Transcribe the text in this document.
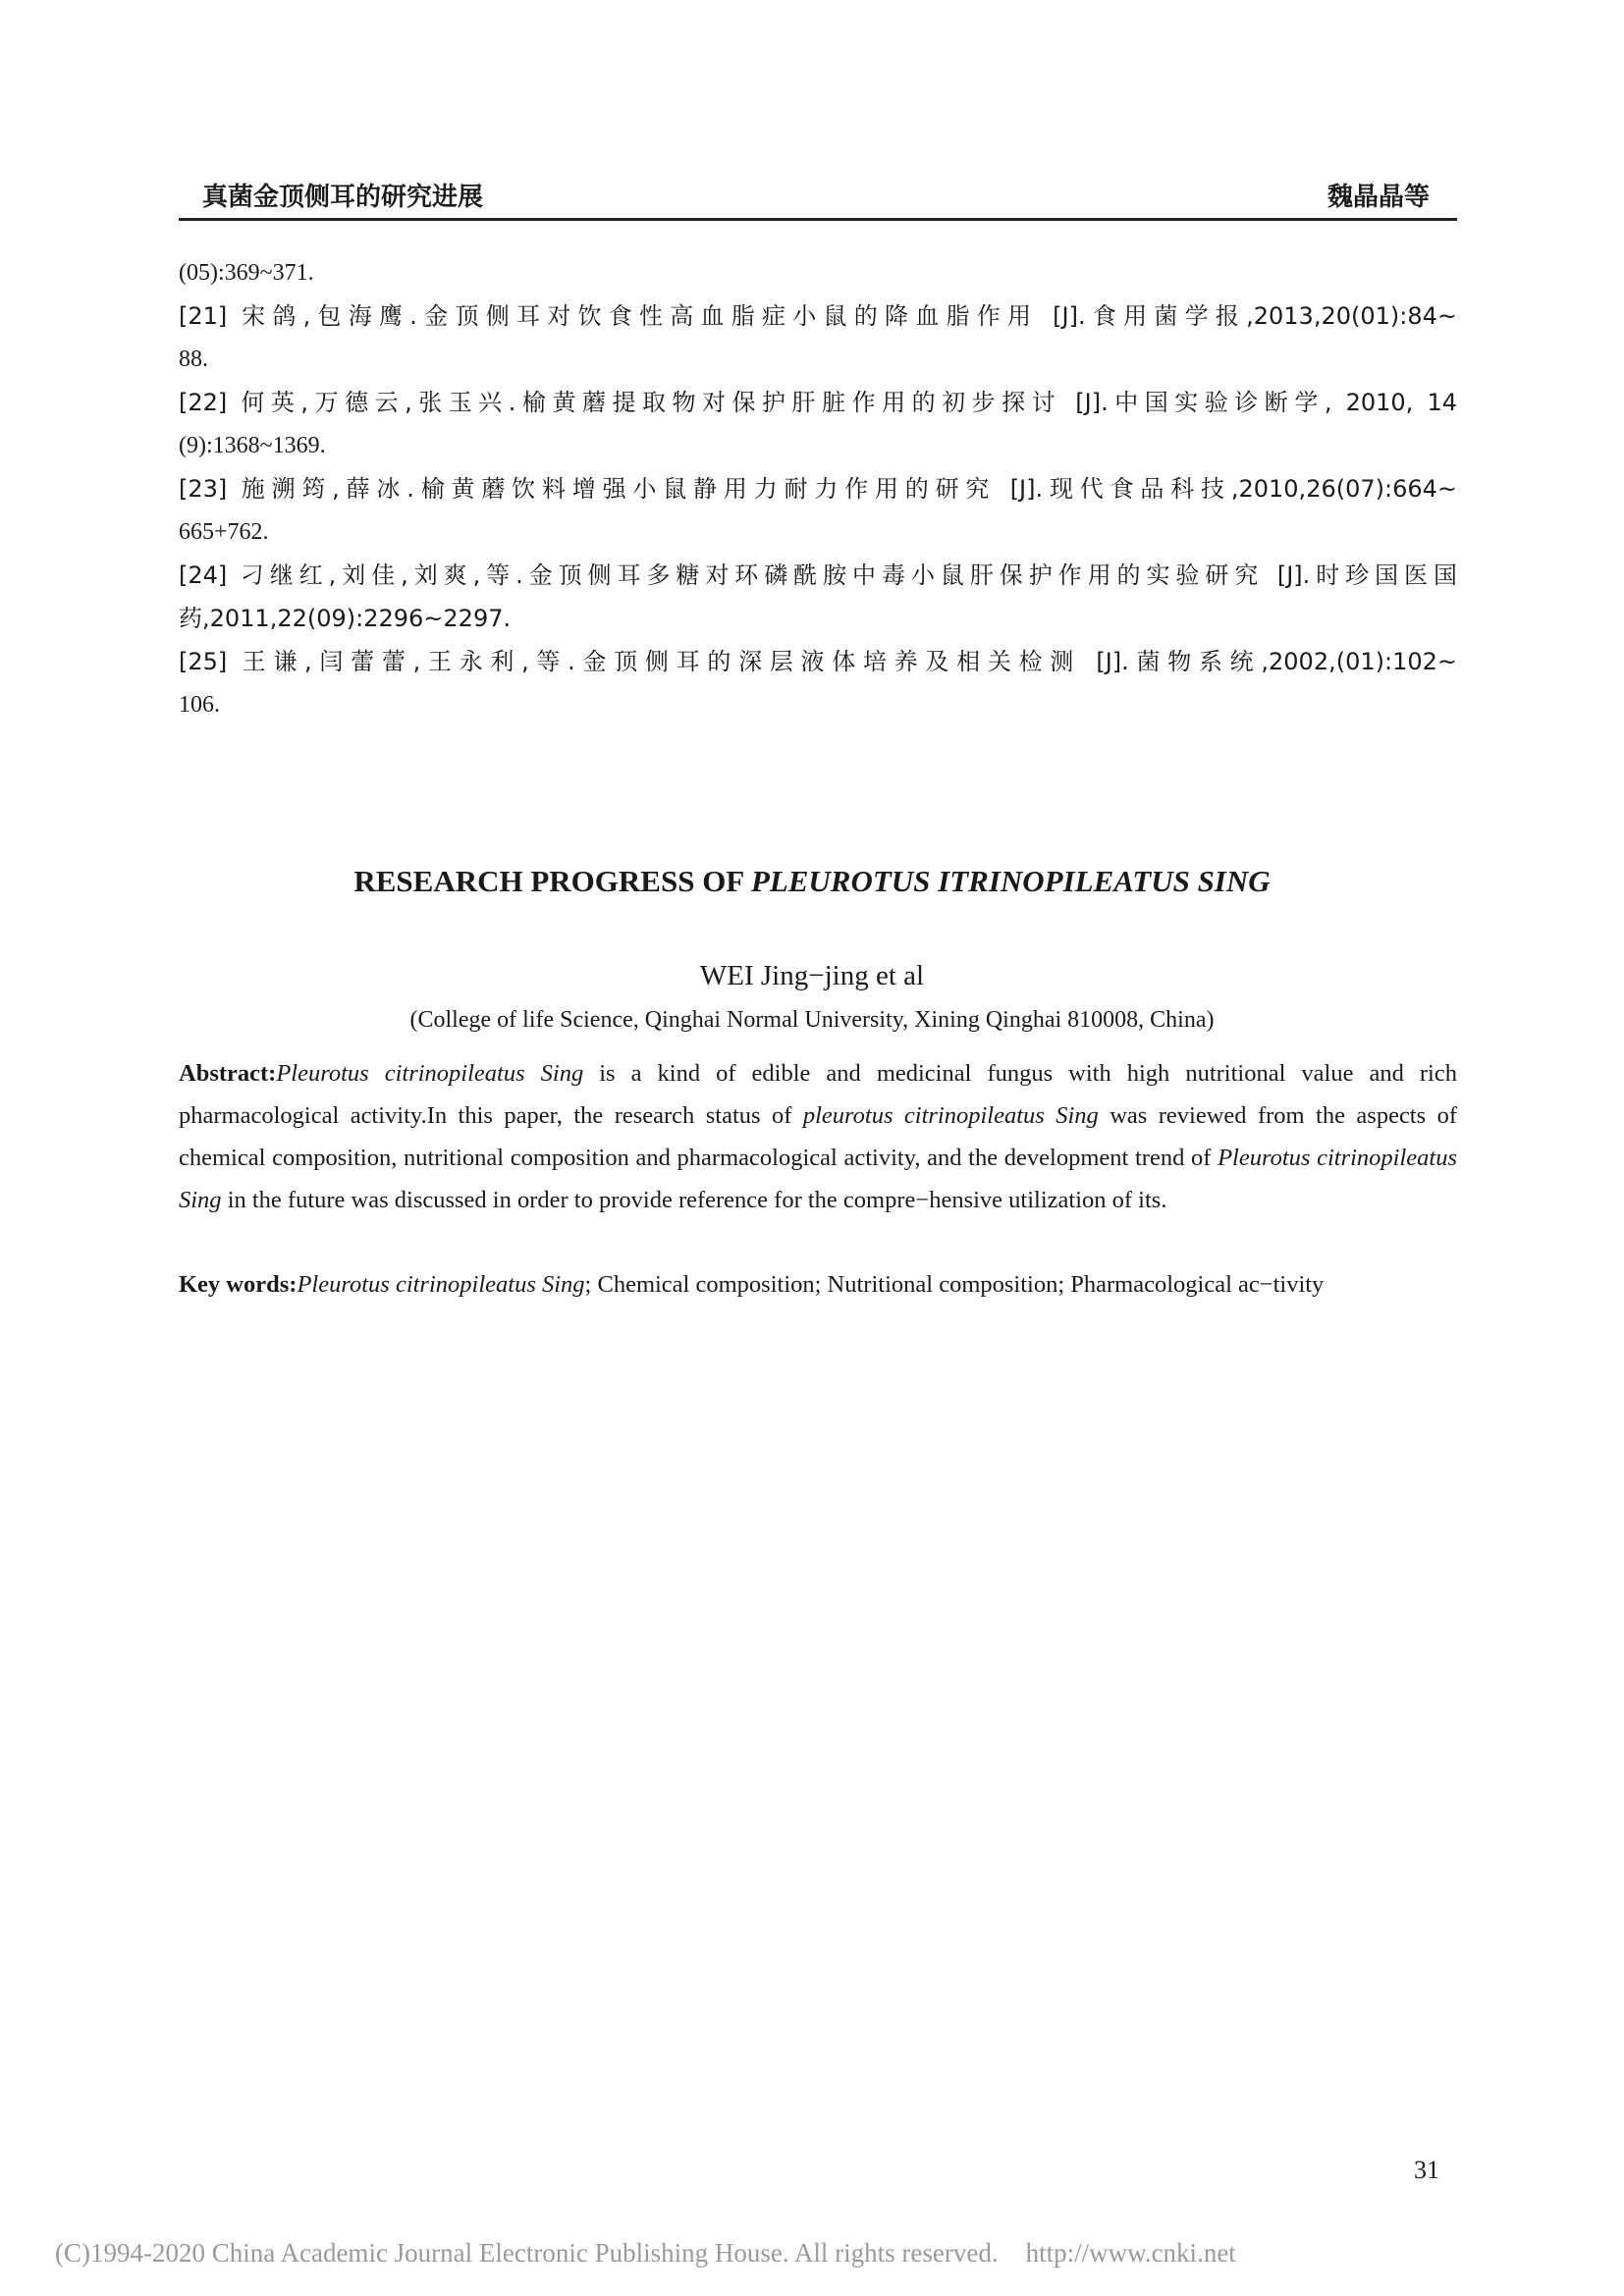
真菌金顶侧耳的研究进展	魏晶晶等
(05):369~371.
[21] 宋鸽,包海鹰.金顶侧耳对饮食性高血脂症小鼠的降血脂作用 [J].食用菌学报,2013,20(01):84~
88.
[22] 何英,万德云,张玉兴.榆黄蘑提取物对保护肝脏作用的初步探讨 [J].中国实验诊断学, 2010, 14
(9):1368~1369.
[23] 施溯筠,薛冰.榆黄蘑饮料增强小鼠静用力耐力作用的研究 [J].现代食品科技,2010,26(07):664~
665+762.
[24] 刁继红,刘佳,刘爽,等.金顶侧耳多糖对环磷酰胺中毒小鼠肝保护作用的实验研究 [J].时珍国医国
药,2011,22(09):2296~2297.
[25] 王谦,闫蕾蕾,王永利,等.金顶侧耳的深层液体培养及相关检测 [J].菌物系统,2002,(01):102~
106.
RESEARCH PROGRESS OF PLEUROTUS ITRINOPILEATUS SING
WEI Jing−jing et al
(College of life Science, Qinghai Normal University, Xining Qinghai 810008, China)
Abstract:Pleurotus citrinopileatus Sing is a kind of edible and medicinal fungus with high nutritional value and rich pharmacological activity.In this paper, the research status of pleurotus citrinopileatus Sing was reviewed from the aspects of chemical composition, nutritional composition and pharmacological activity, and the development trend of Pleurotus citrinopileatus Sing in the future was discussed in order to provide reference for the compre−hensive utilization of its.
Key words:Pleurotus citrinopileatus Sing; Chemical composition; Nutritional composition; Pharmacological ac−tivity
31
(C)1994-2020 China Academic Journal Electronic Publishing House. All rights reserved. http://www.cnki.net
